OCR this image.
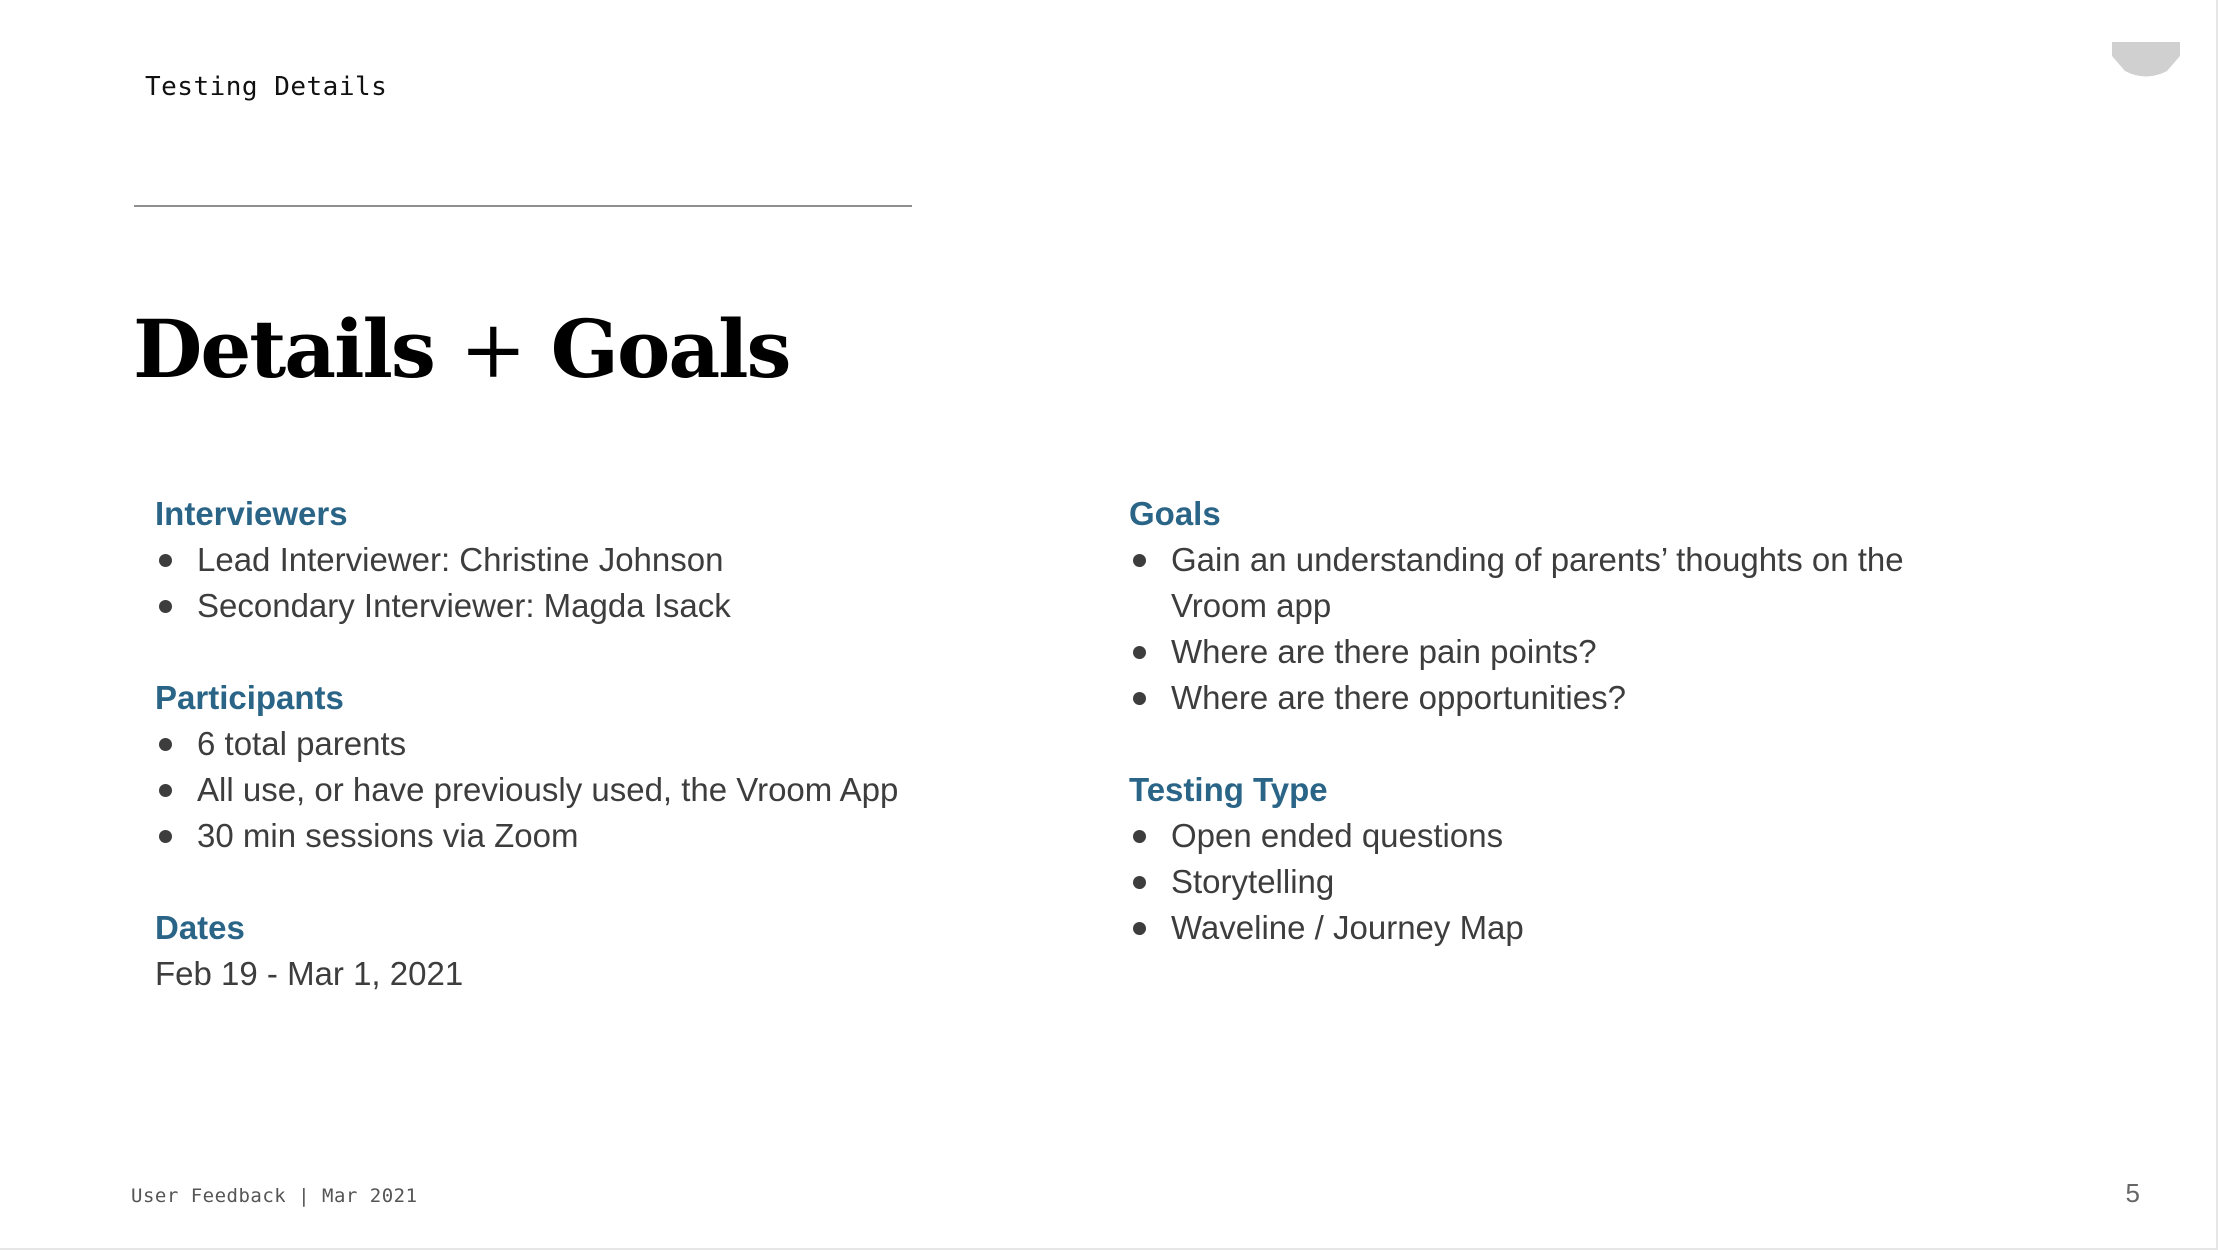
Testing Details
Details + Goals
Interviewers
Lead Interviewer: Christine Johnson
Secondary Interviewer: Magda Isack
Participants
6 total parents
All use, or have previously used, the Vroom App
30 min sessions via Zoom
Dates
Feb 19 - Mar 1, 2021
Goals
Gain an understanding of parents’ thoughts on the Vroom app
Where are there pain points?
Where are there opportunities?
Testing Type
Open ended questions
Storytelling
Waveline / Journey Map
User Feedback | Mar 2021	5
